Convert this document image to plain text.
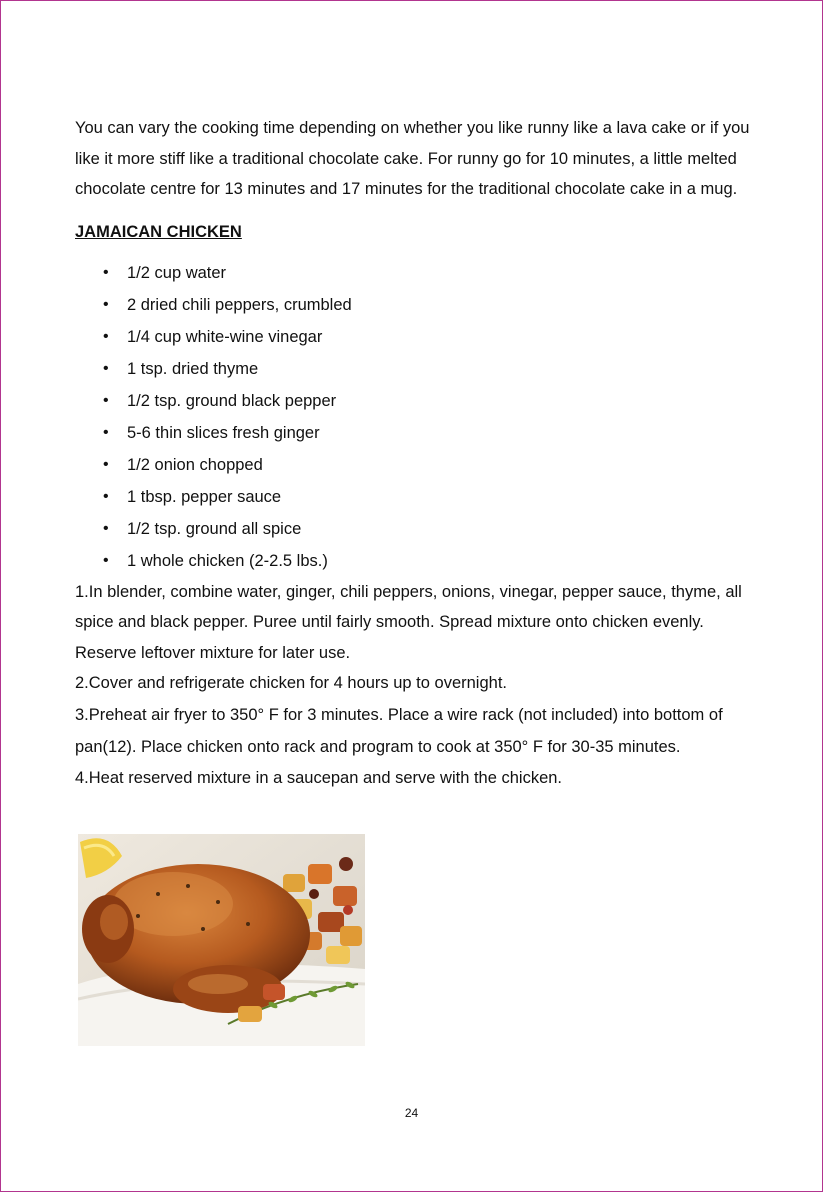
You can vary the cooking time depending on whether you like runny like a lava cake or if you like it more stiff like a traditional chocolate cake. For runny go for 10 minutes, a little melted chocolate centre for 13 minutes and 17 minutes for the traditional chocolate cake in a mug.

JAMAICAN CHICKEN
• 1/2 cup water
• 2 dried chili peppers, crumbled
• 1/4 cup white-wine vinegar
• 1 tsp. dried thyme
• 1/2 tsp. ground black pepper
• 5-6 thin slices fresh ginger
• 1/2 onion chopped
• 1 tbsp. pepper sauce
• 1/2 tsp. ground all spice
• 1 whole chicken (2-2.5 lbs.)

1.In blender, combine water, ginger, chili peppers, onions, vinegar, pepper sauce, thyme, all spice and black pepper. Puree until fairly smooth. Spread mixture onto chicken evenly. Reserve leftover mixture for later use.

2.Cover and refrigerate chicken for 4 hours up to overnight.

3.Preheat air fryer to 350° F for 3 minutes. Place a wire rack (not included) into bottom of pan(12). Place chicken onto rack and program to cook at 350° F for 30-35 minutes.

4.Heat reserved mixture in a saucepan and serve with the chicken.

24
